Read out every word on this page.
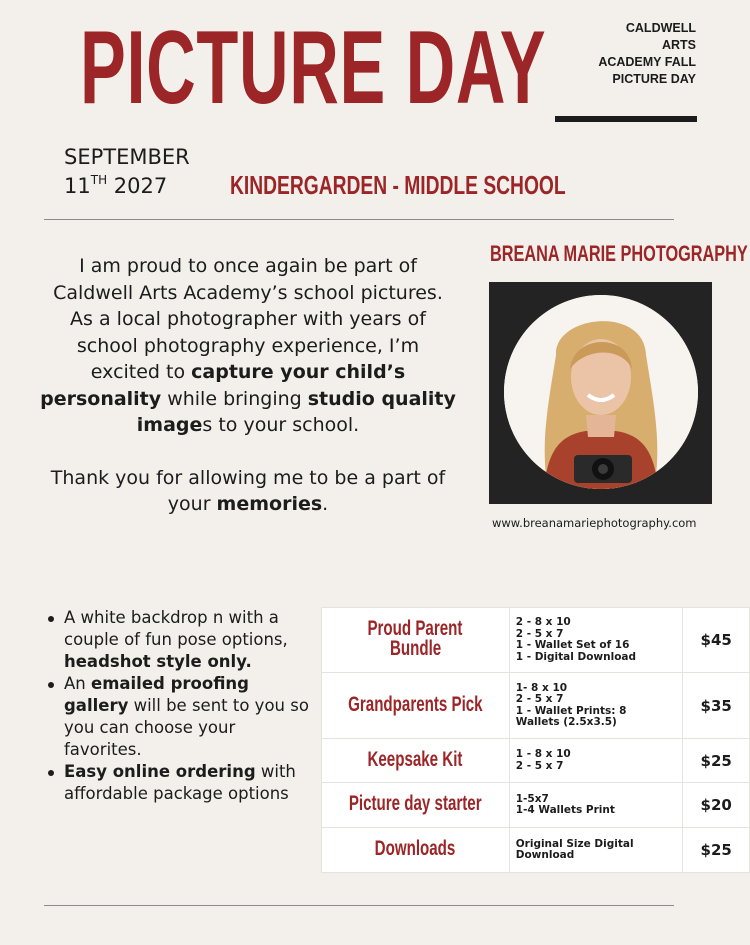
PICTURE DAY	CALDWELL
ARTS
ACADEMY FALL
PICTURE DAY
SEPTEMBER
11TH 2027	KINDERGARDEN - MIDDLE SCHOOL

I am proud to once again be part of Caldwell Arts Academy’s school pictures. As a local photographer with years of school photography experience, I’m excited to capture your child’s personality while bringing studio quality images to your school.

Thank you for allowing me to be a part of your memories.

BREANA MARIE PHOTOGRAPHY
www.breanamariephotography.com
A white backdrop n with a couple of fun pose options, headshot style only.
An emailed proofing gallery will be sent to you so you can choose your favorites.
Easy online ordering with affordable package options
Proud Parent
Bundle	2 - 8 x 10
2 - 5 x 7
1 - Wallet Set of 16
1 - Digital Download	$45
Grandparents Pick	1- 8 x 10
2 - 5 x 7
1 - Wallet Prints: 8
Wallets (2.5x3.5)	$35
Keepsake Kit	1 - 8 x 10
2 - 5 x 7	$25
Picture day starter	1-5x7
1-4 Wallets Print	$20
Downloads	Original Size Digital
Download	$25
